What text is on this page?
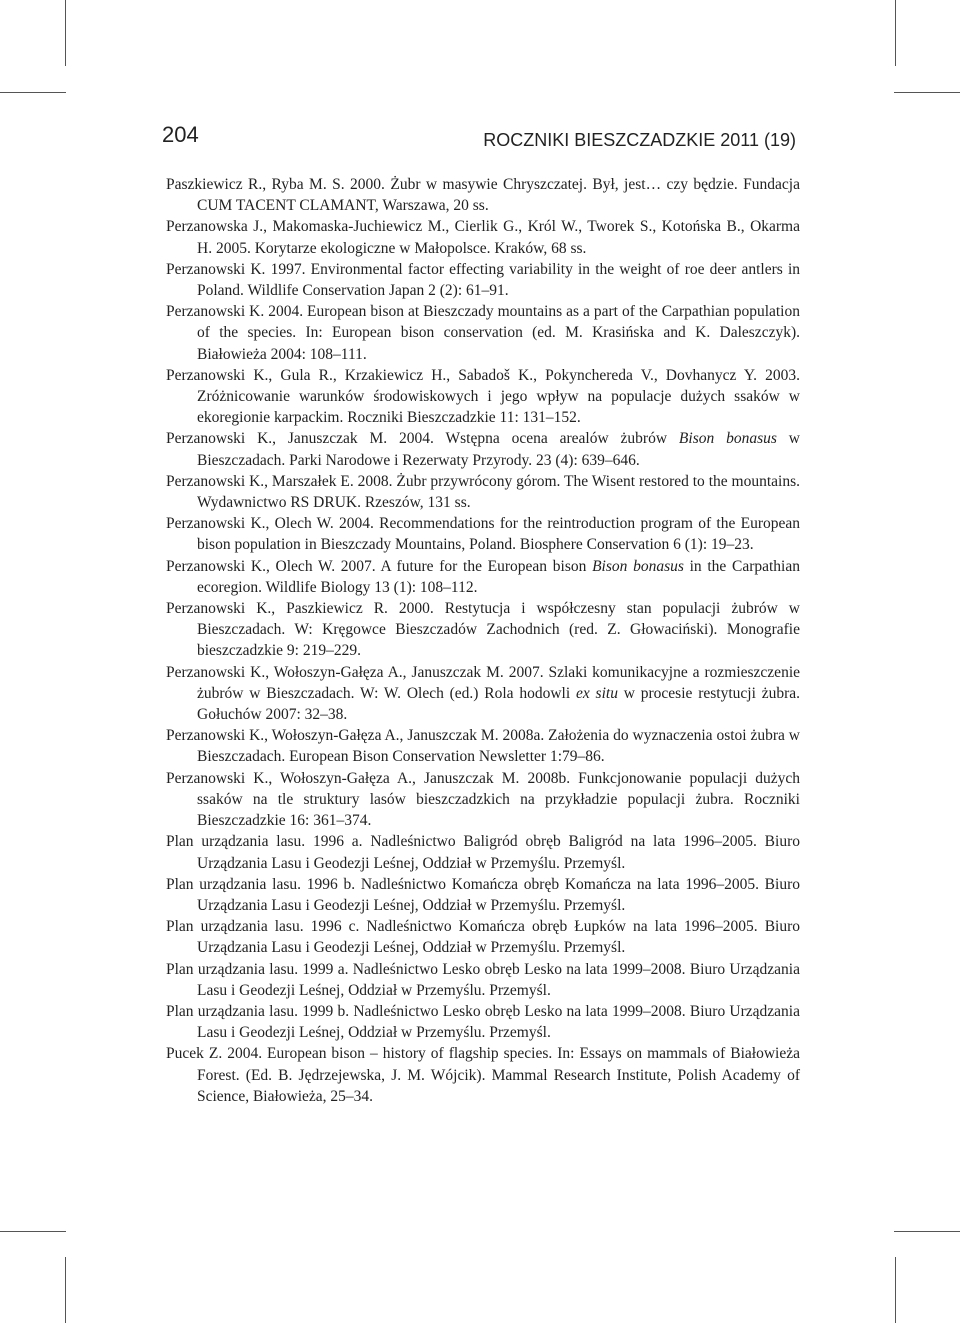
204	ROCZNIKI BIESZCZADZKIE 2011 (19)

Paszkiewicz R., Ryba M. S. 2000. Żubr w masywie Chryszczatej. Był, jest… czy będzie. Fundacja CUM TACENT CLAMANT, Warszawa, 20 ss.

Perzanowska J., Makomaska-Juchiewicz M., Cierlik G., Król W., Tworek S., Kotońska B., Okarma H. 2005. Korytarze ekologiczne w Małopolsce. Kraków, 68 ss.

Perzanowski K. 1997. Environmental factor effecting variability in the weight of roe deer antlers in Poland. Wildlife Conservation Japan 2 (2): 61–91.

Perzanowski K. 2004. European bison at Bieszczady mountains as a part of the Carpathian population of the species. In: European bison conservation (ed. M. Krasińska and K. Daleszczyk). Białowieża 2004: 108–111.

Perzanowski K., Gula R., Krzakiewicz H., Sabadoš K., Pokynchereda V., Dovhanycz Y. 2003. Zróżnicowanie warunków środowiskowych i jego wpływ na populacje dużych ssaków w ekoregionie karpackim. Roczniki Bieszczadzkie 11: 131–152.

Perzanowski K., Januszczak M. 2004. Wstępna ocena arealów żubrów Bison bonasus w Bieszczadach. Parki Narodowe i Rezerwaty Przyrody. 23 (4): 639–646.

Perzanowski K., Marszałek E. 2008. Żubr przywrócony górom. The Wisent restored to the mountains. Wydawnictwo RS DRUK. Rzeszów, 131 ss.

Perzanowski K., Olech W. 2004. Recommendations for the reintroduction program of the European bison population in Bieszczady Mountains, Poland. Biosphere Conservation 6 (1): 19–23.

Perzanowski K., Olech W. 2007. A future for the European bison Bison bonasus in the Carpathian ecoregion. Wildlife Biology 13 (1): 108–112.

Perzanowski K., Paszkiewicz R. 2000. Restytucja i współczesny stan populacji żubrów w Bieszczadach. W: Kręgowce Bieszczadów Zachodnich (red. Z. Głowaciński). Monografie bieszczadzkie 9: 219–229.

Perzanowski K., Wołoszyn-Gałęza A., Januszczak M. 2007. Szlaki komunikacyjne a rozmieszczenie żubrów w Bieszczadach. W: W. Olech (ed.) Rola hodowli ex situ w procesie restytucji żubra. Gołuchów 2007: 32–38.

Perzanowski K., Wołoszyn-Gałęza A., Januszczak M. 2008a. Założenia do wyznaczenia ostoi żubra w Bieszczadach. European Bison Conservation Newsletter 1:79–86.

Perzanowski K., Wołoszyn-Gałęza A., Januszczak M. 2008b. Funkcjonowanie populacji dużych ssaków na tle struktury lasów bieszczadzkich na przykładzie populacji żubra. Roczniki Bieszczadzkie 16: 361–374.

Plan urządzania lasu. 1996 a. Nadleśnictwo Baligród obręb Baligród na lata 1996–2005. Biuro Urządzania Lasu i Geodezji Leśnej, Oddział w Przemyślu. Przemyśl.

Plan urządzania lasu. 1996 b. Nadleśnictwo Komańcza obręb Komańcza na lata 1996–2005. Biuro Urządzania Lasu i Geodezji Leśnej, Oddział w Przemyślu. Przemyśl.

Plan urządzania lasu. 1996 c. Nadleśnictwo Komańcza obręb Łupków na lata 1996–2005. Biuro Urządzania Lasu i Geodezji Leśnej, Oddział w Przemyślu. Przemyśl.

Plan urządzania lasu. 1999 a. Nadleśnictwo Lesko obręb Lesko na lata 1999–2008. Biuro Urządzania Lasu i Geodezji Leśnej, Oddział w Przemyślu. Przemyśl.

Plan urządzania lasu. 1999 b. Nadleśnictwo Lesko obręb Lesko na lata 1999–2008. Biuro Urządzania Lasu i Geodezji Leśnej, Oddział w Przemyślu. Przemyśl.

Pucek Z. 2004. European bison – history of flagship species. In: Essays on mammals of Białowieża Forest. (Ed. B. Jędrzejewska, J. M. Wójcik). Mammal Research Institute, Polish Academy of Science, Białowieża, 25–34.
